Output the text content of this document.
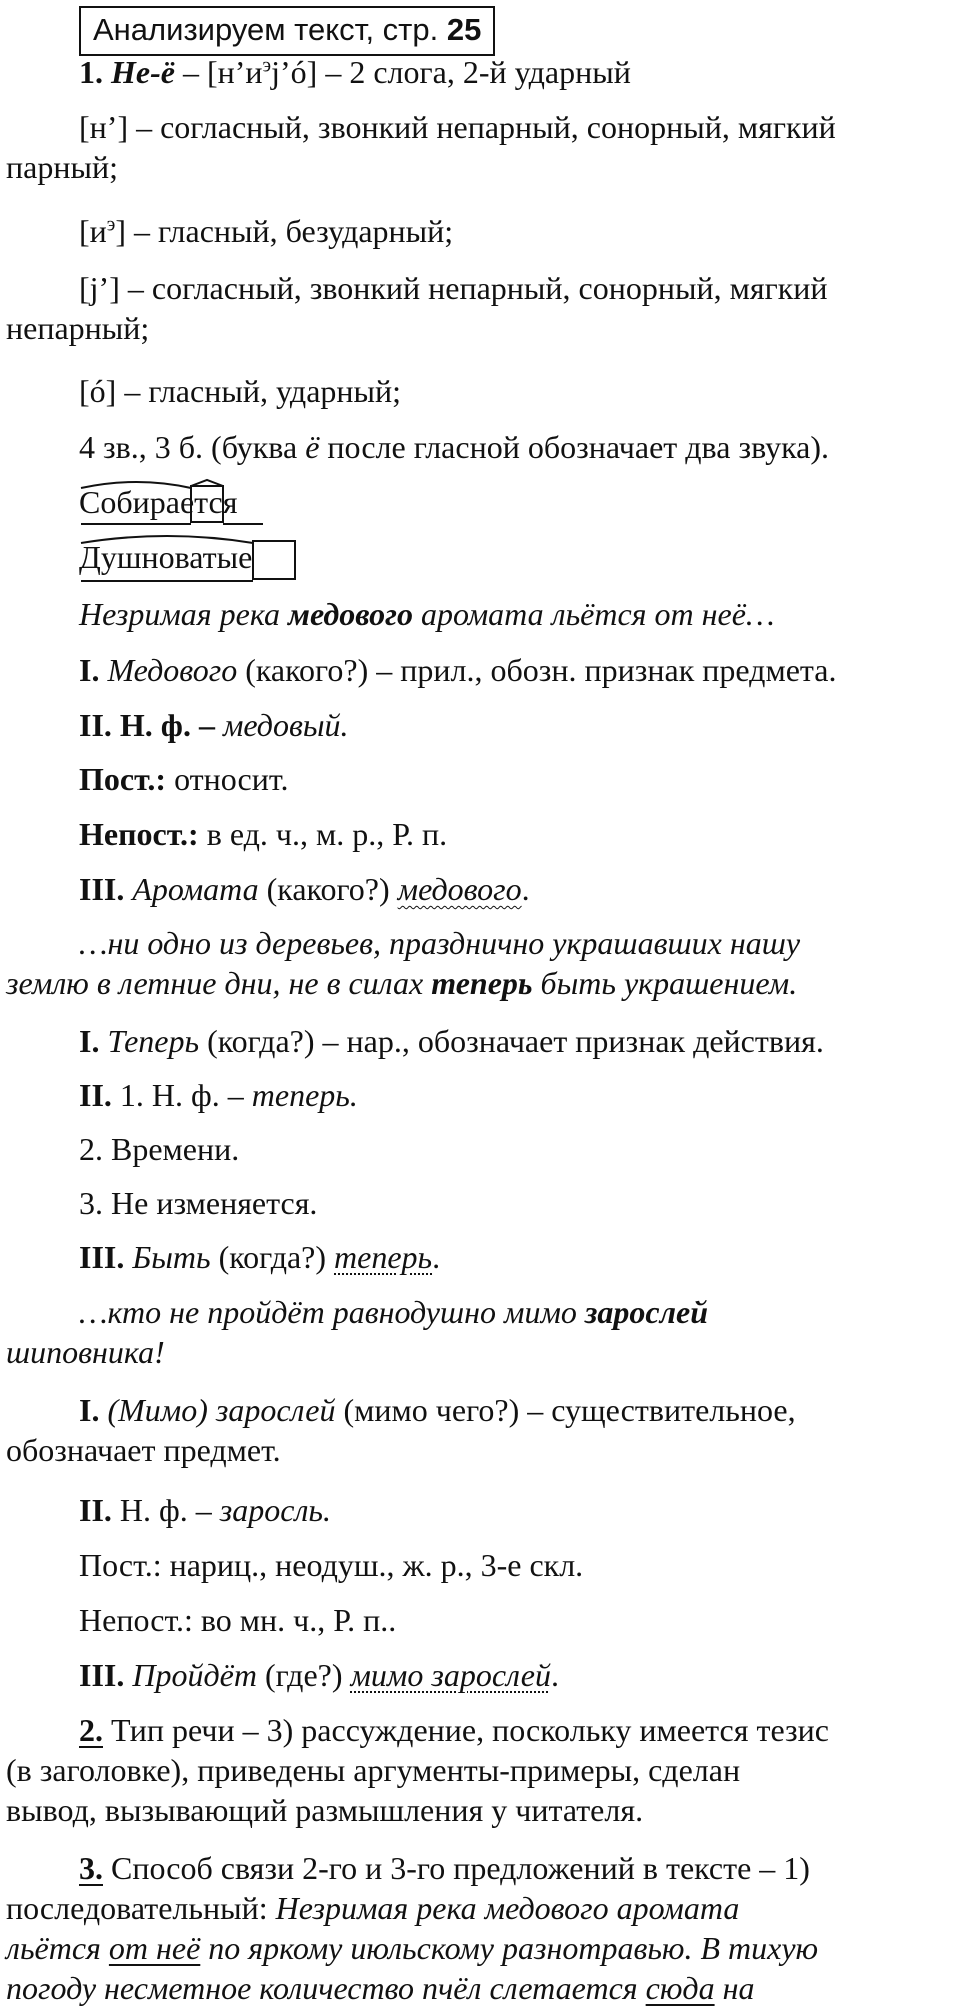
Анализируем текст, стр. 25
1. $Не-ё - [н’и^эj’ó] - 2$ слога, 2-й ударный
[н’] – согласный, звонкий непарный, сонорный, мягкий
парный;
$[и^э]$ – гласный, безударный;
[j’] – согласный, звонкий непарный, сонорный, мягкий
непарный;
[ó] – гласный, ударный;
4 зв., 3 б. (буква ё после гласной обозначает два звука).
Собирается
Душноватые
Незримая река медового аромата льётся от неё…
I. Медового (какого?) – прил., обозн. признак предмета.
II. Н. ф. – медовый.
Пост.: относит.
Непост.: в ед. ч., м. р., Р. п.
III. Аромата (какого?) медового.
…ни одно из деревьев, празднично украшавших нашу
землю в летние дни, не в силах теперь быть украшением.
I. Теперь (когда?) – нар., обозначает признак действия.
II. 1. Н. ф. – теперь.
2. Времени.
3. Не изменяется.
III. Быть (когда?) теперь.
…кто не пройдёт равнодушно мимо зарослей
шиповника!
I. (Мимо) зарослей (мимо чего?) – существительное,
обозначает предмет.
II. Н. ф. – заросль.
Пост.: нариц., неодуш., ж. р., 3-е скл.
Непост.: во мн. ч., Р. п..
III. Пройдёт (где?) мимо зарослей.
2. Тип речи – 3) рассуждение, поскольку имеется тезис
(в заголовке), приведены аргументы-примеры, сделан
вывод, вызывающий размышления у читателя.
3. Способ связи 2-го и 3-го предложений в тексте – 1)
последовательный: Незримая река медового аромата
льётся от неё по яркому июльскому разнотравью. В тихую
погоду несметное количество пчёл слетается сюда на
